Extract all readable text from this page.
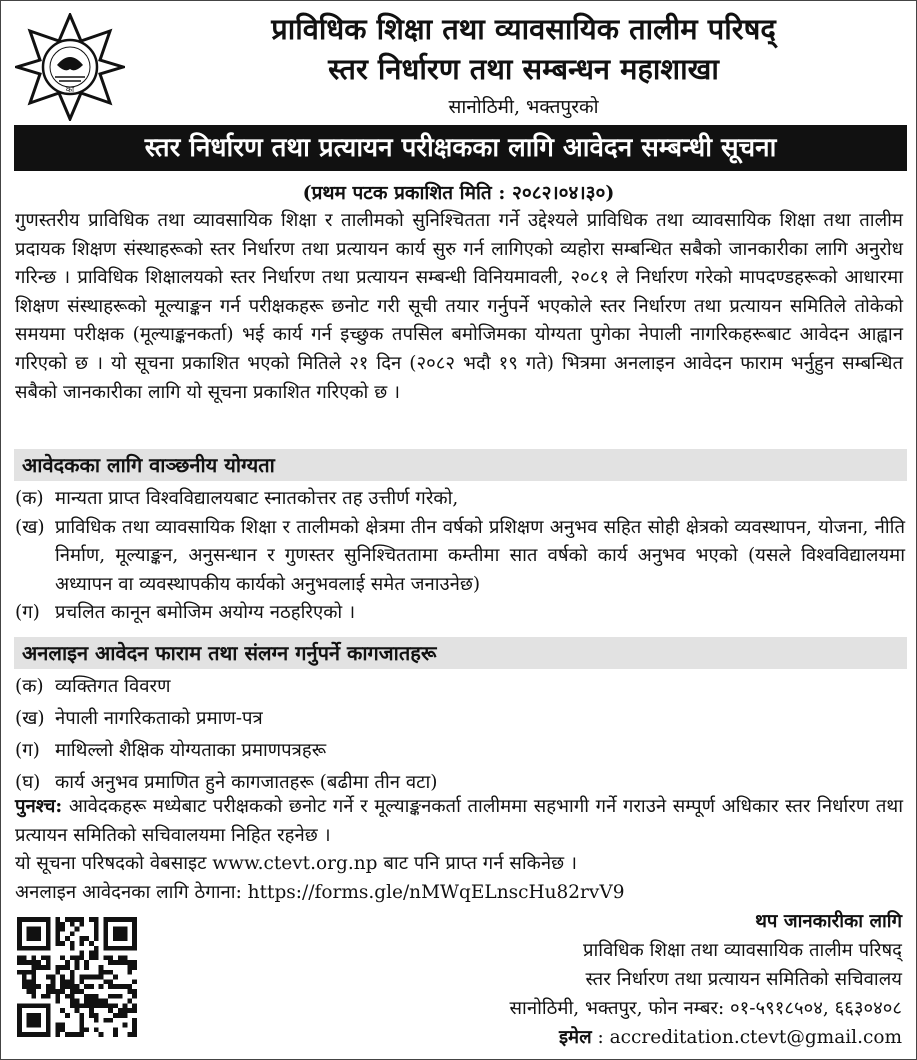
का
प्राविधिक शिक्षा तथा व्यावसायिक तालीम परिषद्
स्तर निर्धारण तथा सम्बन्धन महाशाखा
सानोठिमी, भक्तपुरको
स्तर निर्धारण तथा प्रत्यायन परीक्षकका लागि आवेदन सम्बन्धी सूचना
(प्रथम पटक प्रकाशित मिति : २०८२।०४।३०)

गुणस्तरीय प्राविधिक तथा व्यावसायिक शिक्षा र तालीमको सुनिश्चितता गर्ने उद्देश्यले प्राविधिक तथा व्यावसायिक शिक्षा तथा तालीम प्रदायक शिक्षण संस्थाहरूको स्तर निर्धारण तथा प्रत्यायन कार्य सुरु गर्न लागिएको व्यहोरा सम्बन्धित सबैको जानकारीका लागि अनुरोध गरिन्छ । प्राविधिक शिक्षालयको स्तर निर्धारण तथा प्रत्यायन सम्बन्धी विनियमावली, २०८१ ले निर्धारण गरेको मापदण्डहरूको आधारमा शिक्षण संस्थाहरूको मूल्याङ्कन गर्न परीक्षकहरू छनोट गरी सूची तयार गर्नुपर्ने भएकोले स्तर निर्धारण तथा प्रत्यायन समितिले तोकेको समयमा परीक्षक (मूल्याङ्कनकर्ता) भई कार्य गर्न इच्छुक तपसिल बमोजिमका योग्यता पुगेका नेपाली नागरिकहरूबाट आवेदन आह्वान गरिएको छ । यो सूचना प्रकाशित भएको मितिले २१ दिन (२०८२ भदौ १९ गते) भित्रमा अनलाइन आवेदन फाराम भर्नुहुन सम्बन्धित सबैको जानकारीका लागि यो सूचना प्रकाशित गरिएको छ ।

आवेदकका लागि वाञ्छनीय योग्यता
(क) मान्यता प्राप्त विश्वविद्यालयबाट स्नातकोत्तर तह उत्तीर्ण गरेको,
(ख) प्राविधिक तथा व्यावसायिक शिक्षा र तालीमको क्षेत्रमा तीन वर्षको प्रशिक्षण अनुभव सहित सोही क्षेत्रको व्यवस्थापन, योजना, नीति निर्माण, मूल्याङ्कन, अनुसन्धान र गुणस्तर सुनिश्चिततामा कम्तीमा सात वर्षको कार्य अनुभव भएको (यसले विश्वविद्यालयमा अध्यापन वा व्यवस्थापकीय कार्यको अनुभवलाई समेत जनाउनेछ)
(ग) प्रचलित कानून बमोजिम अयोग्य नठहरिएको ।
अनलाइन आवेदन फाराम तथा संलग्न गर्नुपर्ने कागजातहरू
(क) व्यक्तिगत विवरण
(ख) नेपाली नागरिकताको प्रमाण-पत्र
(ग) माथिल्लो शैक्षिक योग्यताका प्रमाणपत्रहरू
(घ) कार्य अनुभव प्रमाणित हुने कागजातहरू (बढीमा तीन वटा)

पुनश्च: आवेदकहरू मध्येबाट परीक्षकको छनोट गर्ने र मूल्याङ्कनकर्ता तालीममा सहभागी गर्ने गराउने सम्पूर्ण अधिकार स्तर निर्धारण तथा प्रत्यायन समितिको सचिवालयमा निहित रहनेछ ।

यो सूचना परिषदको वेबसाइट www.ctevt.org.np बाट पनि प्राप्त गर्न सकिनेछ ।

अनलाइन आवेदनका लागि ठेगाना: https://forms.gle/nMWqELnscHu82rvV9

थप जानकारीका लागि
प्राविधिक शिक्षा तथा व्यावसायिक तालीम परिषद्
स्तर निर्धारण तथा प्रत्यायन समितिको सचिवालय
सानोठिमी, भक्तपुर, फोन नम्बर: ०१-५९१८५०४, ६६३०४०८
इमेल : accreditation.ctevt@gmail.com
